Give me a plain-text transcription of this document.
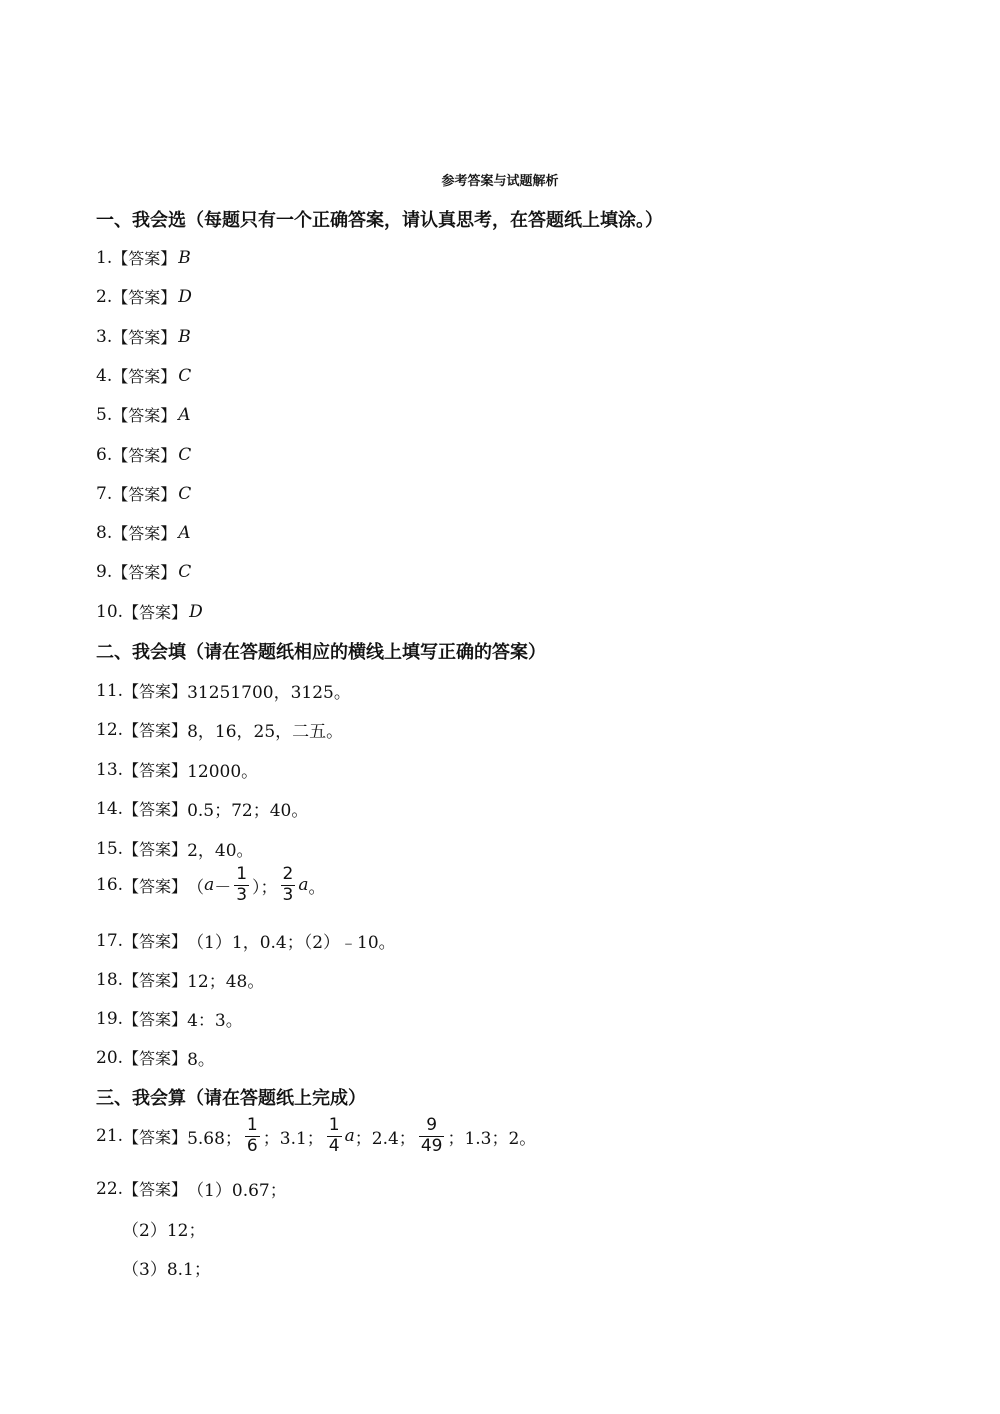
参考答案与试题解析
一、我会选（每题只有一个正确答案，请认真思考，在答题纸上填涂。）
1. 【答案】 B
2. 【答案】 D
3. 【答案】 B
4. 【答案】 C
5. 【答案】 A
6. 【答案】 C
7. 【答案】 C
8. 【答案】 A
9. 【答案】 C
10. 【答案】 D
二、我会填（请在答题纸相应的横线上填写正确的答案）
11. 【答案】 31251700，3125。
12. 【答案】 8，16，25，二五。
13. 【答案】 12000。
14. 【答案】 0.5；72；40。
15. 【答案】 2，40。
16. 【答案】 （ $a - \frac{1}{3}$ ）； $\frac{2}{3}$ a 。
17. 【答案】 （1）1，0.4；（2）﹣10。
18. 【答案】 12；48。
19. 【答案】 4：3。
20. 【答案】 8。
三、我会算（请在答题纸上完成）
21. 【答案】 5.68； $\frac{1}{6}$ ；3.1； $\frac{1}{4}$ a ；2.4； $\frac{9}{49}$ ；1.3；2。
22. 【答案】 （1）0.67；
（2）12；
（3）8.1；
